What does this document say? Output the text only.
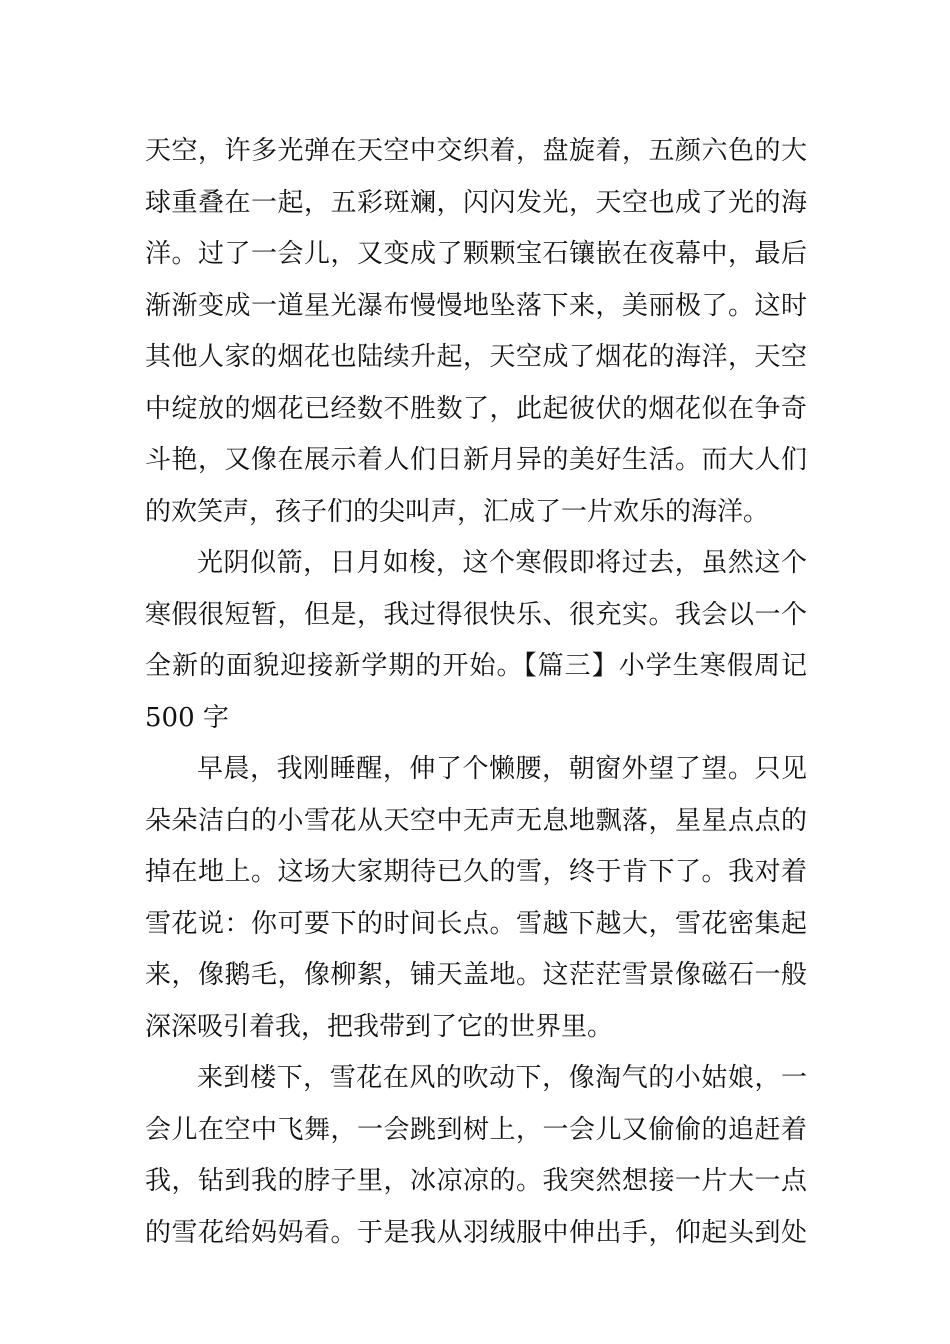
天空，许多光弹在天空中交织着，盘旋着，五颜六色的大
球重叠在一起，五彩斑斓，闪闪发光，天空也成了光的海
洋。过了一会儿，又变成了颗颗宝石镶嵌在夜幕中，最后
渐渐变成一道星光瀑布慢慢地坠落下来，美丽极了。这时
其他人家的烟花也陆续升起，天空成了烟花的海洋，天空
中绽放的烟花已经数不胜数了，此起彼伏的烟花似在争奇
斗艳，又像在展示着人们日新月异的美好生活。而大人们
的欢笑声，孩子们的尖叫声，汇成了一片欢乐的海洋。
光阴似箭，日月如梭，这个寒假即将过去，虽然这个
寒假很短暂，但是，我过得很快乐、很充实。我会以一个
全新的面貌迎接新学期的开始。【篇三】小学生寒假周记
500 字
早晨，我刚睡醒，伸了个懒腰，朝窗外望了望。只见
朵朵洁白的小雪花从天空中无声无息地飘落，星星点点的
掉在地上。这场大家期待已久的雪，终于肯下了。我对着
雪花说：你可要下的时间长点。雪越下越大，雪花密集起
来，像鹅毛，像柳絮，铺天盖地。这茫茫雪景像磁石一般
深深吸引着我，把我带到了它的世界里。
来到楼下，雪花在风的吹动下，像淘气的小姑娘，一
会儿在空中飞舞，一会跳到树上，一会儿又偷偷的追赶着
我，钻到我的脖子里，冰凉凉的。我突然想接一片大一点
的雪花给妈妈看。于是我从羽绒服中伸出手，仰起头到处
